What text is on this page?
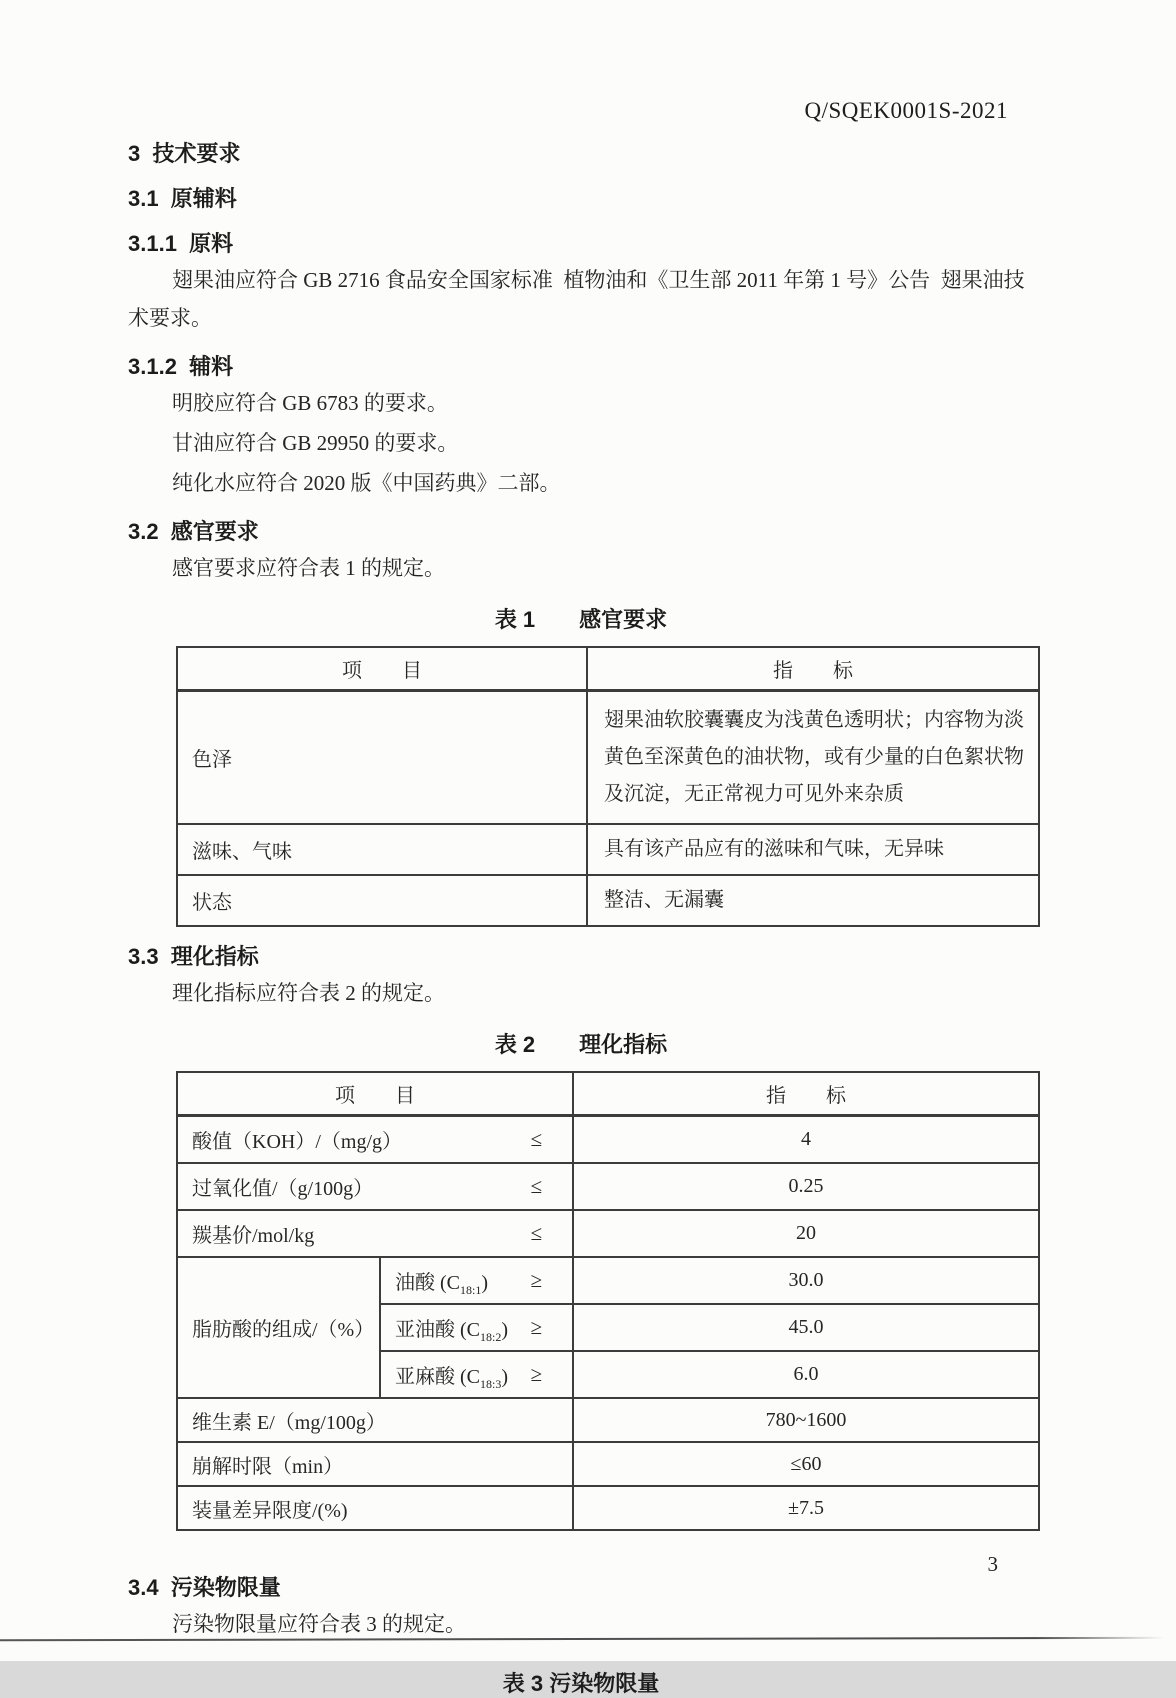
Q/SQEK0001S-2021
3  技术要求
3.1  原辅料
3.1.1  原料
翅果油应符合 GB 2716 食品安全国家标准  植物油和《卫生部 2011 年第 1 号》公告  翅果油技术要求。
3.1.2  辅料
明胶应符合 GB 6783 的要求。
甘油应符合 GB 29950 的要求。
纯化水应符合 2020 版《中国药典》二部。
3.2  感官要求
感官要求应符合表 1 的规定。
表 1 感官要求
项　　目	指　　标
色泽	翅果油软胶囊囊皮为浅黄色透明状；内容物为淡黄色至深黄色的油状物，或有少量的白色絮状物及沉淀，无正常视力可见外来杂质
滋味、气味	具有该产品应有的滋味和气味，无异味
状态	整洁、无漏囊
3.3  理化指标
理化指标应符合表 2 的规定。
表 2 理化指标
项　　目		指　　标

酸值（KOH）/（mg/g） ≤		4

过氧化值/（g/100g） ≤		0.25

羰基价/mol/kg ≤		20
脂肪酸的组成/（%）	油酸 $(C_{18:1})$ ≥	30.0

	亚油酸 $(C_{18:2})$ ≥	45.0

	亚麻酸 $(C_{18:3})$ ≥	6.0
维生素 E/（mg/100g）		780~1600
崩解时限（min）		≤60
装量差异限度/(%)		±7.5
3.4  污染物限量
污染物限量应符合表 3 的规定。
表 3 污染物限量
3
